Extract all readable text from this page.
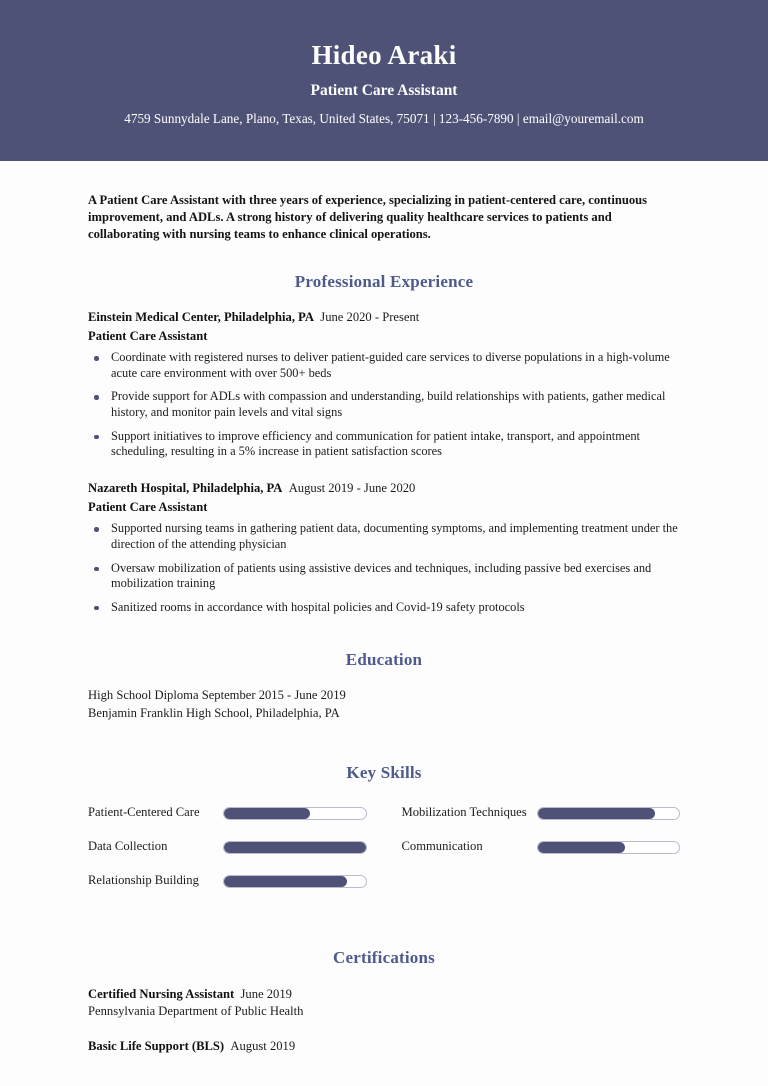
Hideo Araki
Patient Care Assistant
4759 Sunnydale Lane, Plano, Texas, United States, 75071 | 123-456-7890 | email@youremail.com
A Patient Care Assistant with three years of experience, specializing in patient-centered care, continuous improvement, and ADLs. A strong history of delivering quality healthcare services to patients and collaborating with nursing teams to enhance clinical operations.
Professional Experience
Einstein Medical Center, Philadelphia, PA  June 2020 - Present
Patient Care Assistant
Coordinate with registered nurses to deliver patient-guided care services to diverse populations in a high-volume acute care environment with over 500+ beds
Provide support for ADLs with compassion and understanding, build relationships with patients, gather medical history, and monitor pain levels and vital signs
Support initiatives to improve efficiency and communication for patient intake, transport, and appointment scheduling, resulting in a 5% increase in patient satisfaction scores
Nazareth Hospital, Philadelphia, PA  August 2019 - June 2020
Patient Care Assistant
Supported nursing teams in gathering patient data, documenting symptoms, and implementing treatment under the direction of the attending physician
Oversaw mobilization of patients using assistive devices and techniques, including passive bed exercises and mobilization training
Sanitized rooms in accordance with hospital policies and Covid-19 safety protocols
Education
High School Diploma September 2015 - June 2019
Benjamin Franklin High School, Philadelphia, PA
Key Skills
Patient-Centered Care
Data Collection
Relationship Building
Mobilization Techniques
Communication
Certifications
Certified Nursing Assistant  June 2019
Pennsylvania Department of Public Health
Basic Life Support (BLS)  August 2019
